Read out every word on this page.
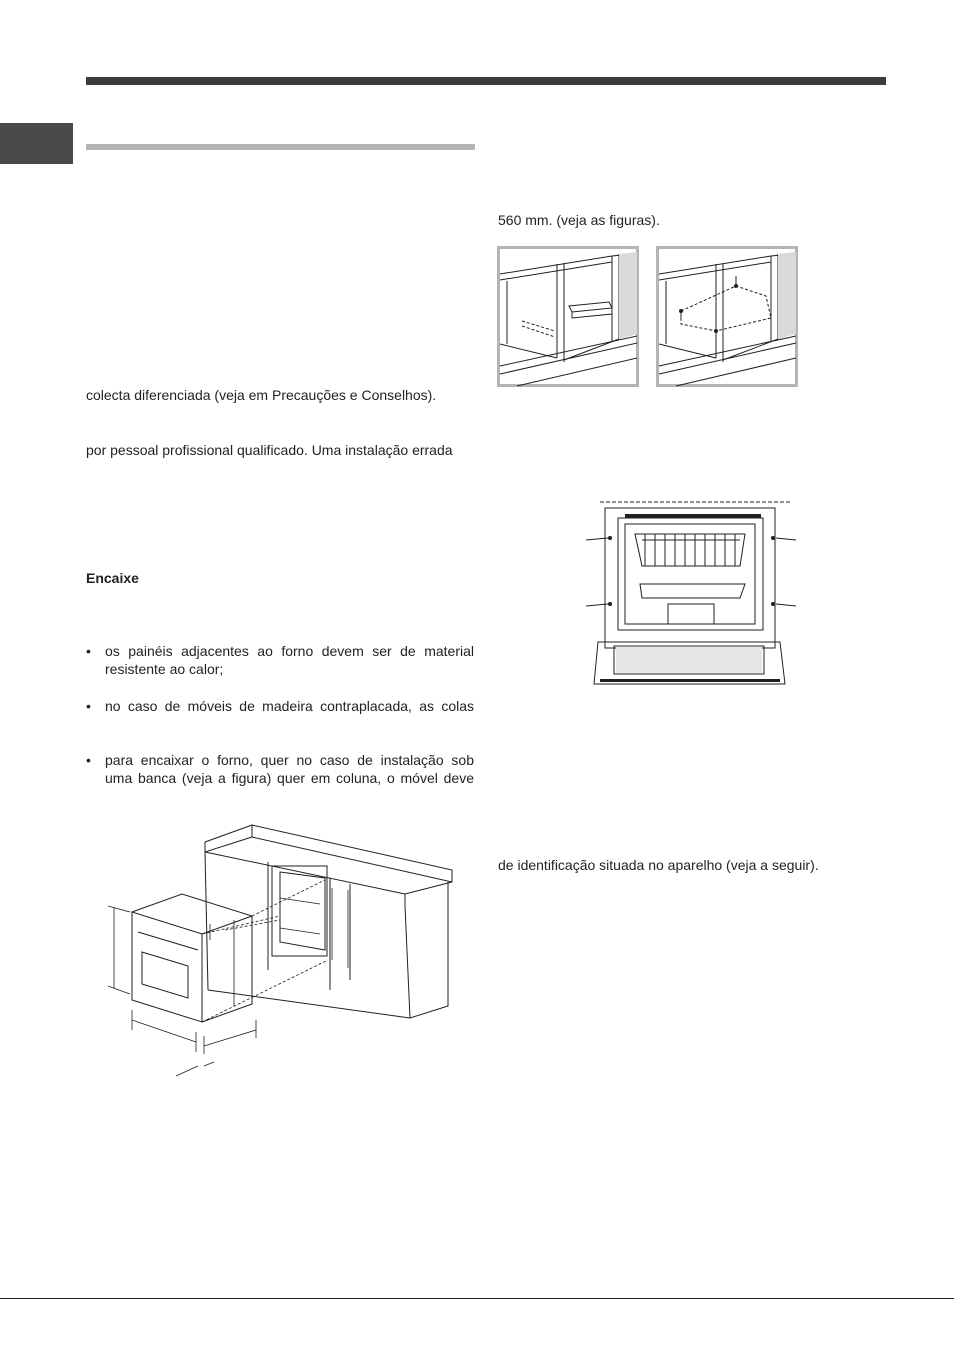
colecta diferenciada (veja em Precauções e Conselhos).
por pessoal profissional qualificado. Uma instalação errada
Encaixe
• os painéis adjacentes ao forno devem ser de material
resistente ao calor;
• no caso de móveis de madeira contraplacada, as colas
• para encaixar o forno, quer no caso de instalação sob
uma banca (veja a figura) quer em coluna, o móvel deve
560 mm. (veja as figuras).
de identificação situada no aparelho (veja a seguir).
